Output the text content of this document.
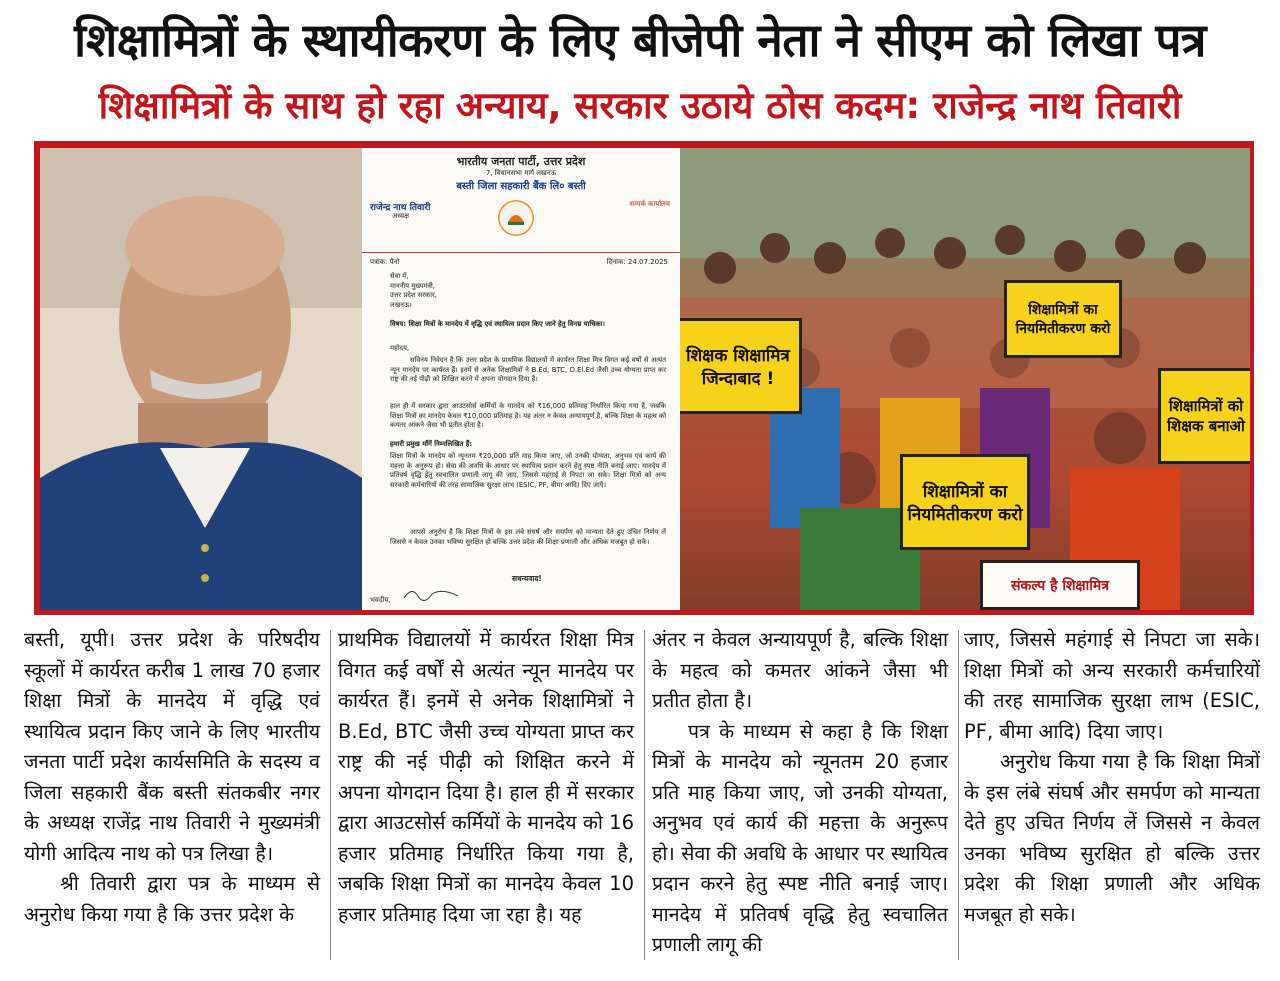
शिक्षामित्रों के स्थायीकरण के लिए बीजेपी नेता ने सीएम को लिखा पत्र
शिक्षामित्रों के साथ हो रहा अन्याय, सरकार उठाये ठोस कदम: राजेन्द्र नाथ तिवारी
भारतीय जनता पार्टी, उत्तर प्रदेश
7, विधानसभा मार्ग लखनऊ
बस्ती जिला सहकारी बैंक लि० बस्ती
राजेन्द्र नाथ तिवारी
अध्यक्ष
सम्पर्क कार्यालय
पत्रांक: पैनो	दिनांक: 24.07.2025
सेवा में,
माननीय मुख्यमंत्री,
उत्तर प्रदेश सरकार,
लखनऊ।
विषय: शिक्षा मित्रों के मानदेय में वृद्धि एवं स्थायित्व प्रदान किए जाने हेतु विनम्र याचिका।
महोदय,
सविनय निवेदन है कि उत्तर प्रदेश के प्राथमिक विद्यालयों में कार्यरत शिक्षा मित्र विगत कई वर्षों से अत्यंत न्यून मानदेय पर कार्यरत हैं। इनमें से अनेक शिक्षामित्रों ने B.Ed, BTC, D.El.Ed जैसी उच्च योग्यता प्राप्त कर राष्ट्र की नई पीढ़ी को शिक्षित करने में अपना योगदान दिया है।
हाल ही में सरकार द्वारा आउटसोर्स कर्मियों के मानदेय को ₹16,000 प्रतिमाह निर्धारित किया गया है, जबकि शिक्षा मित्रों का मानदेय केवल ₹10,000 प्रतिमाह है। यह अंतर न केवल अन्यायपूर्ण है, बल्कि शिक्षा के महत्व को कमतर आंकने जैसा भी प्रतीत होता है।
हमारी प्रमुख माँगें निम्नलिखित हैं:
शिक्षा मित्रों के मानदेय को न्यूनतम ₹20,000 प्रति माह किया जाए, जो उनकी योग्यता, अनुभव एवं कार्य की महत्ता के अनुरूप हो। सेवा की अवधि के आधार पर स्थायित्व प्रदान करने हेतु स्पष्ट नीति बनाई जाए। मानदेय में प्रतिवर्ष वृद्धि हेतु स्वचालित प्रणाली लागू की जाए, जिससे महंगाई से निपटा जा सके। शिक्षा मित्रों को अन्य सरकारी कर्मचारियों की तरह सामाजिक सुरक्षा लाभ (ESIC, PF, बीमा आदि) दिए जाएँ।
आपसे अनुरोध है कि शिक्षा मित्रों के इस लंबे संघर्ष और समर्पण को मान्यता देते हुए उचित निर्णय लें जिससे न केवल उनका भविष्य सुरक्षित हो बल्कि उत्तर प्रदेश की शिक्षा प्रणाली और अधिक मजबूत हो सके।
सधन्यवाद!
भवदीय,
शिक्षक शिक्षामित्र जिन्दाबाद !
शिक्षामित्रों का नियमितीकरण करो
शिक्षामित्रों को शिक्षक बनाओ
शिक्षामित्रों का नियमितीकरण करो
संकल्प है शिक्षामित्र

बस्ती, यूपी। उत्तर प्रदेश के परिषदीय स्कूलों में कार्यरत करीब 1 लाख 70 हजार शिक्षा मित्रों के मानदेय में वृद्धि एवं स्थायित्व प्रदान किए जाने के लिए भारतीय जनता पार्टी प्रदेश कार्यसमिति के सदस्य व जिला सहकारी बैंक बस्ती संतकबीर नगर के अध्यक्ष राजेंद्र नाथ तिवारी ने मुख्यमंत्री योगी आदित्य नाथ को पत्र लिखा है।

श्री तिवारी द्वारा पत्र के माध्यम से अनुरोध किया गया है कि उत्तर प्रदेश के

प्राथमिक विद्यालयों में कार्यरत शिक्षा मित्र विगत कई वर्षों से अत्यंत न्यून मानदेय पर कार्यरत हैं। इनमें से अनेक शिक्षामित्रों ने B.Ed, BTC जैसी उच्च योग्यता प्राप्त कर राष्ट्र की नई पीढ़ी को शिक्षित करने में अपना योगदान दिया है। हाल ही में सरकार द्वारा आउटसोर्स कर्मियों के मानदेय को 16 हजार प्रतिमाह निर्धारित किया गया है, जबकि शिक्षा मित्रों का मानदेय केवल 10 हजार प्रतिमाह दिया जा रहा है। यह

अंतर न केवल अन्यायपूर्ण है, बल्कि शिक्षा के महत्व को कमतर आंकने जैसा भी प्रतीत होता है।

पत्र के माध्यम से कहा है कि शिक्षा मित्रों के मानदेय को न्यूनतम 20 हजार प्रति माह किया जाए, जो उनकी योग्यता, अनुभव एवं कार्य की महत्ता के अनुरूप हो। सेवा की अवधि के आधार पर स्थायित्व प्रदान करने हेतु स्पष्ट नीति बनाई जाए। मानदेय में प्रतिवर्ष वृद्धि हेतु स्वचालित प्रणाली लागू की

जाए, जिससे महंगाई से निपटा जा सके। शिक्षा मित्रों को अन्य सरकारी कर्मचारियों की तरह सामाजिक सुरक्षा लाभ (ESIC, PF, बीमा आदि) दिया जाए।

अनुरोध किया गया है कि शिक्षा मित्रों के इस लंबे संघर्ष और समर्पण को मान्यता देते हुए उचित निर्णय लें जिससे न केवल उनका भविष्य सुरक्षित हो बल्कि उत्तर प्रदेश की शिक्षा प्रणाली और अधिक मजबूत हो सके।
